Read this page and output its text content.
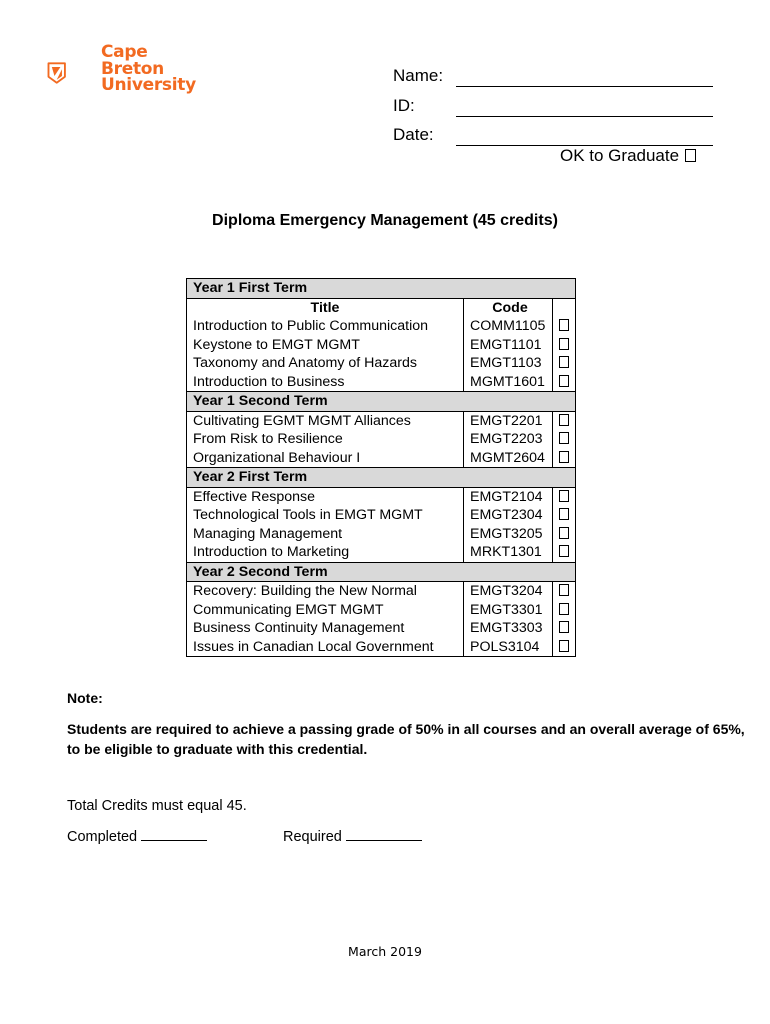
Cape
Breton
University	Name:
ID:
Date:
OK to Graduate
Diploma Emergency Management (45 credits)
Year 1 First Term		
Title	Code	
Introduction to Public Communication	COMM1105	
Keystone to EMGT MGMT	EMGT1101	
Taxonomy and Anatomy of Hazards	EMGT1103	
Introduction to Business	MGMT1601	
Year 1 Second Term		
Cultivating EGMT MGMT Alliances	EMGT2201	
From Risk to Resilience	EMGT2203	
Organizational Behaviour I	MGMT2604	
Year 2 First Term		
Effective Response	EMGT2104	
Technological Tools in EMGT MGMT	EMGT2304	
Managing Management	EMGT3205	
Introduction to Marketing	MRKT1301	
Year 2 Second Term		
Recovery: Building the New Normal	EMGT3204	
Communicating EMGT MGMT	EMGT3301	
Business Continuity Management	EMGT3303	
Issues in Canadian Local Government	POLS3104	
Note:
Students are required to achieve a passing grade of 50% in all courses and an overall average of 65%, to be eligible to graduate with this credential.
Total Credits must equal 45.
Completed	Required
March 2019
